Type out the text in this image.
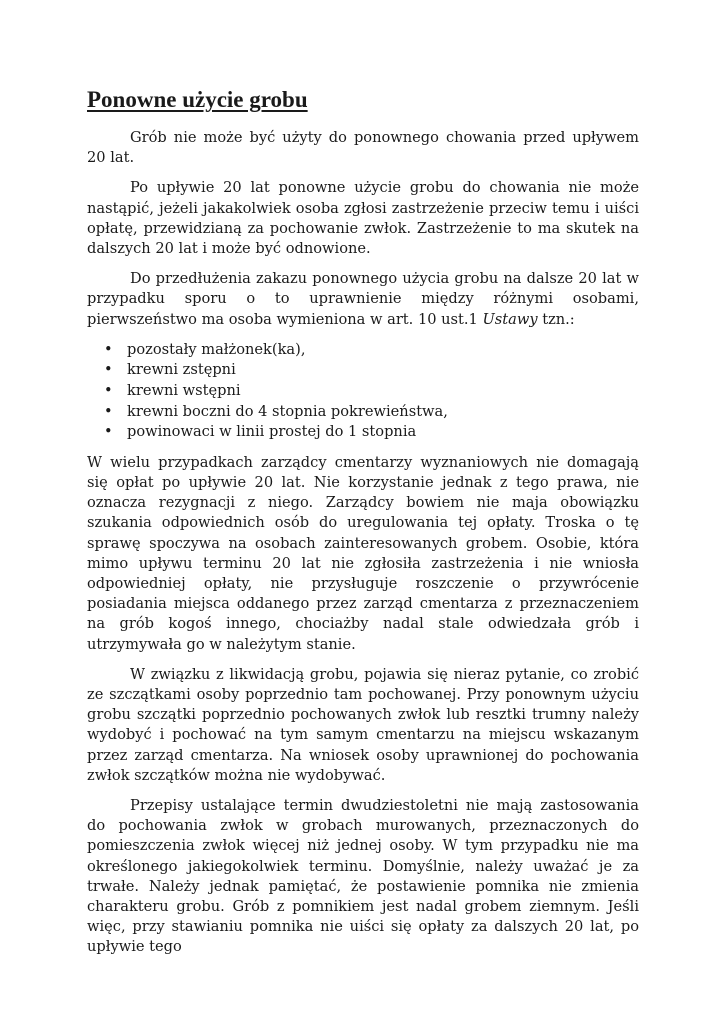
Ponowne użycie grobu

Grób nie może być użyty do ponownego chowania przed upływem 20 lat.

Po upływie 20 lat ponowne użycie grobu do chowania nie może nastąpić, jeżeli jakakolwiek osoba zgłosi zastrzeżenie przeciw temu i uiści opłatę, przewidzianą za pochowanie zwłok. Zastrzeżenie to ma skutek na dalszych 20 lat i może być odnowione.

Do przedłużenia zakazu ponownego użycia grobu na dalsze 20 lat w przypadku sporu o to uprawnienie między różnymi osobami, pierwszeństwo ma osoba wymieniona w art. 10 ust.1 Ustawy tzn.:

• pozostały małżonek(ka),
• krewni zstępni
• krewni wstępni
• krewni boczni do 4 stopnia pokrewieństwa,
• powinowaci w linii prostej do 1 stopnia

W wielu przypadkach zarządcy cmentarzy wyznaniowych nie domagają się opłat po upływie 20 lat. Nie korzystanie jednak z tego prawa, nie oznacza rezygnacji z niego. Zarządcy bowiem nie maja obowiązku szukania odpowiednich osób do uregulowania tej opłaty. Troska o tę sprawę spoczywa na osobach zainteresowanych grobem. Osobie, która mimo upływu terminu 20 lat nie zgłosiła zastrzeżenia i nie wniosła odpowiedniej opłaty, nie przysługuje roszczenie o przywrócenie posiadania miejsca oddanego przez zarząd cmentarza z przeznaczeniem na grób kogoś innego, chociażby nadal stale odwiedzała grób i utrzymywała go w należytym stanie.

W związku z likwidacją grobu, pojawia się nieraz pytanie, co zrobić ze szczątkami osoby poprzednio tam pochowanej. Przy ponownym użyciu grobu szczątki poprzednio pochowanych zwłok lub resztki trumny należy wydobyć i pochować na tym samym cmentarzu na miejscu wskazanym przez zarząd cmentarza. Na wniosek osoby uprawnionej do pochowania zwłok szczątków można nie wydobywać.

Przepisy ustalające termin dwudziestoletni nie mają zastosowania do pochowania zwłok w grobach murowanych, przeznaczonych do pomieszczenia zwłok więcej niż jednej osoby. W tym przypadku nie ma określonego jakiegokolwiek terminu. Domyślnie, należy uważać je za trwałe. Należy jednak pamiętać, że postawienie pomnika nie zmienia charakteru grobu. Grób z pomnikiem jest nadal grobem ziemnym. Jeśli więc, przy stawianiu pomnika nie uiści się opłaty za dalszych 20 lat, po upływie tego
